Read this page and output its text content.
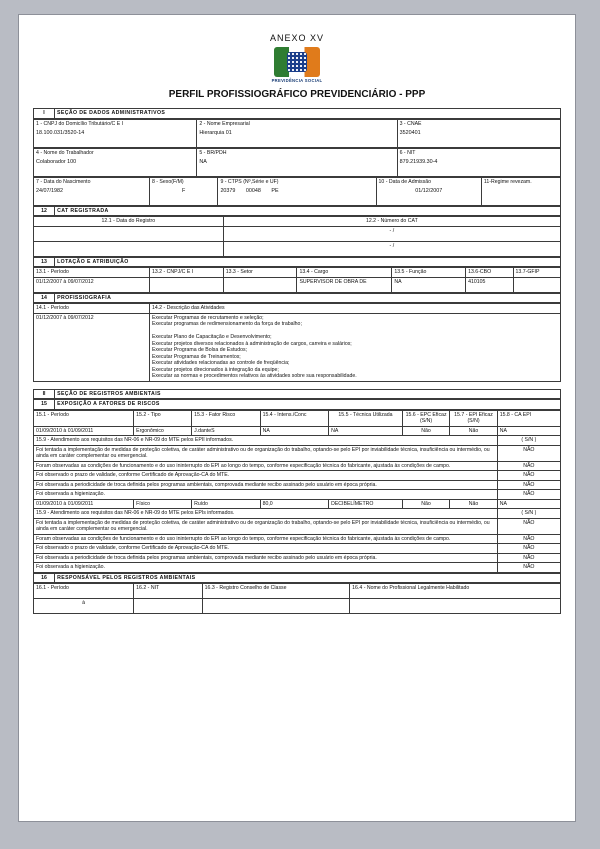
ANEXO XV
PREVIDÊNCIA SOCIAL
PERFIL PROFISSIOGRÁFICO PREVIDENCIÁRIO - PPP
I	SEÇÃO DE DADOS ADMINISTRATIVOS
1 - CNPJ do Domicílio Tributário/C E I
18.100.031/3520-14

2 - Nome Empresarial
Hierarquia 01

3 - CNAE
3520401
4 - Nome do Trabalhador
Colaborador 100

5 - BR/PDH
NA

6 - NIT
879.21939.30-4
7 - Data do Nascimento
24/07/1982

8 - Sexo(F/M)
F

9 - CTPS (Nº,Série e UF)
20379 00048 PE

10 - Data de Admissão
01/12/2007

11-Regime revezam.
12	CAT REGISTRADA
12.1 - Data do Registro	12.2 - Número do CAT
	- /
	- /
13	LOTAÇÃO E ATRIBUIÇÃO
13.1 - Período	13.2 - CNPJ/C E I	13.3 - Setor	13.4 - Cargo	13.5 - Função	13.6-CBO	13.7-GFIP
01/12/2007 à 09/07/2012			SUPERVISOR DE OBRA DE	NA	410105	
14	PROFISSIOGRAFIA
14.1 - Período	14.2 - Descrição das Atividades
01/12/2007 à 09/07/2012	Executar Programas de recrutamento e seleção;
Executar programas de redimensionamento da força de trabalho;

Executar Plano de Capacitação e Desenvolvimento;
Executar projetos diversos relacionados à administração de cargos, carreira e salários;
Executar Programa de Bolsa de Estudos;
Executar Programas de Treinamentos;
Executar atividades relacionadas ao controle de freqüência;
Executar projetos direcionados à integração da equipe;
Executar as normas e procedimentos relativos às atividades sobre sua responsabilidade.
II	SEÇÃO DE REGISTROS AMBIENTAIS
15	EXPOSIÇÃO A FATORES DE RISCOS
15.1 - Período	15.2 - Tipo	15.3 - Fator Risco	15.4 - Intens./Conc	15.5 - Técnica Utilizada	15.6 - EPC Eficaz (S/N)	15.7 - EPI Eficaz (S/N)	15.8 - CA EPI
01/09/2010 à 01/09/2011	Ergonômico	J.danteS	NA	NA	Não	Não	NA
15.9 - Atendimento aos requisitos das NR-06 e NR-09 do MTE pelos EPII informados.							( S/N )
Foi tentada a implementação de medidas de proteção coletiva, de caráter administrativo ou de organização do trabalho, optando-se pelo EPI por inviabilidade técnica, insuficiência ou intermédio, ou ainda em caráter complementar ou emergencial.							NÃO
Foram observadas as condições de funcionamento e do uso ininterrupto do EPI ao longo do tempo, conforme especificação técnica do fabricante, ajustada às condições de campo.							NÃO
Foi observado o prazo de validade, conforme Certificado de Aprovação-CA do MTE.							NÃO
Foi observada a periodicidade de troca definida pelos programas ambientais, comprovada mediante recibo assinado pelo usuário em época própria.							NÃO
Foi observada a higienização.							NÃO
01/09/2010 à 01/09/2011	Físico	Ruído	80,0	DECIBELÍMETRO	Não	Não	NA
15.9 - Atendimento aos requisitos das NR-06 e NR-09 do MTE pelos EPIs informados.							( S/N )
Foi tentada a implementação de medidas de proteção coletiva, de caráter administrativo ou de organização do trabalho, optando-se pelo EPI por inviabilidade técnica, insuficiência ou intermédio, ou ainda em caráter complementar ou emergencial.							NÃO
Foram observadas as condições de funcionamento e do uso ininterrupto do EPI ao longo do tempo, conforme especificação técnica do fabricante, ajustada às condições de campo.							NÃO
Foi observado o prazo de validade, conforme Certificado de Aprovação-CA do MTE.							NÃO
Foi observada a periodicidade de troca definida pelos programas ambientais, comprovada mediante recibo assinado pelo usuário em época própria.							NÃO
Foi observada a higienização.							NÃO
16	RESPONSÁVEL PELOS REGISTROS AMBIENTAIS
16.1 - Período	16.2 - NIT	16.3 - Registro Conselho de Classe	16.4 - Nome do Profissional Legalmente Habilitado
à			
